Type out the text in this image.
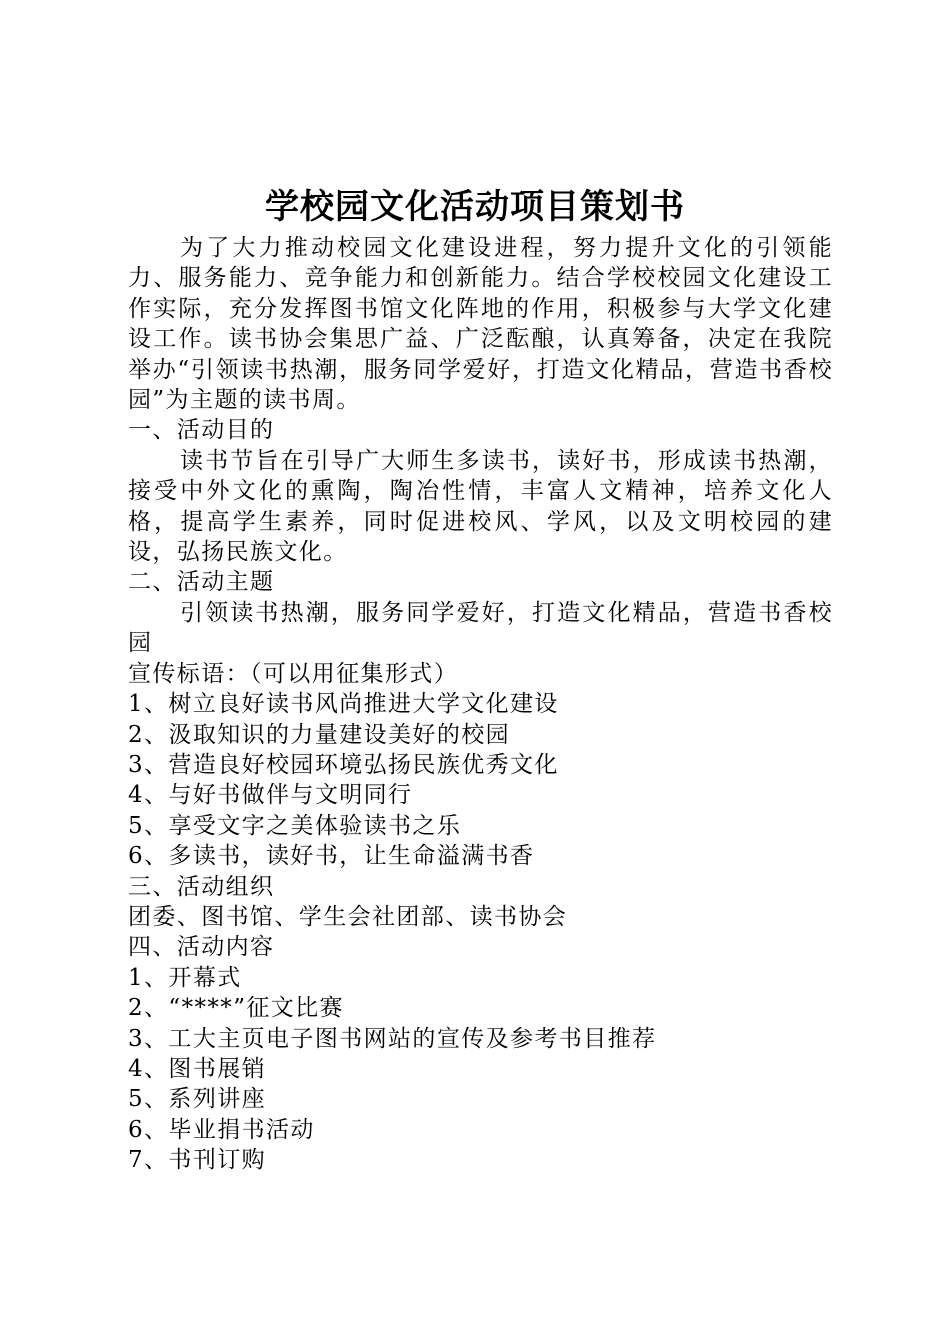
学校园文化活动项目策划书

为了大力推动校园文化建设进程，努力提升文化的引领能力、服务能力、竞争能力和创新能力。结合学校校园文化建设工作实际，充分发挥图书馆文化阵地的作用，积极参与大学文化建设工作。读书协会集思广益、广泛酝酿，认真筹备，决定在我院举办“引领读书热潮，服务同学爱好，打造文化精品，营造书香校园”为主题的读书周。

一、活动目的

读书节旨在引导广大师生多读书，读好书，形成读书热潮，接受中外文化的熏陶，陶冶性情，丰富人文精神，培养文化人格，提高学生素养，同时促进校风、学风，以及文明校园的建设，弘扬民族文化。

二、活动主题

引领读书热潮，服务同学爱好，打造文化精品，营造书香校园

宣传标语：（可以用征集形式）

1、树立良好读书风尚推进大学文化建设

2、汲取知识的力量建设美好的校园

3、营造良好校园环境弘扬民族优秀文化

4、与好书做伴与文明同行

5、享受文字之美体验读书之乐

6、多读书，读好书，让生命溢满书香

三、活动组织

团委、图书馆、学生会社团部、读书协会

四、活动内容

1、开幕式

2、“****”征文比赛

3、工大主页电子图书网站的宣传及参考书目推荐

4、图书展销

5、系列讲座

6、毕业捐书活动

7、书刊订购
